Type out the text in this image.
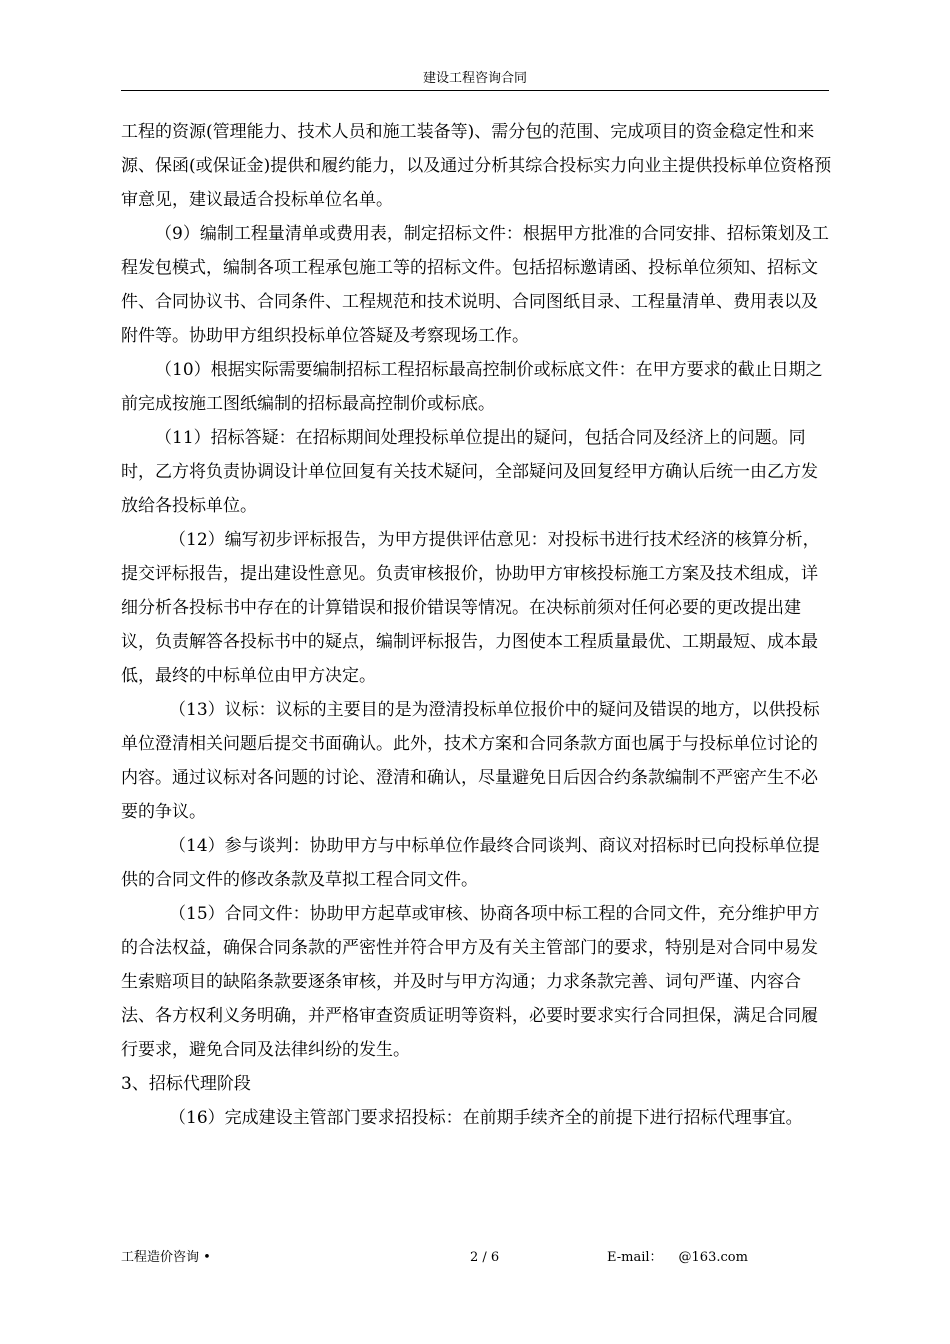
建设工程咨询合同

工程的资源(管理能力、技术人员和施工装备等)、需分包的范围、完成项目的资金稳定性和来源、保函(或保证金)提供和履约能力，以及通过分析其综合投标实力向业主提供投标单位资格预审意见，建议最适合投标单位名单。

（9）编制工程量清单或费用表，制定招标文件：根据甲方批准的合同安排、招标策划及工程发包模式，编制各项工程承包施工等的招标文件。包括招标邀请函、投标单位须知、招标文件、合同协议书、合同条件、工程规范和技术说明、合同图纸目录、工程量清单、费用表以及附件等。协助甲方组织投标单位答疑及考察现场工作。

（10）根据实际需要编制招标工程招标最高控制价或标底文件：在甲方要求的截止日期之前完成按施工图纸编制的招标最高控制价或标底。

（11）招标答疑：在招标期间处理投标单位提出的疑问，包括合同及经济上的问题。同时，乙方将负责协调设计单位回复有关技术疑问，全部疑问及回复经甲方确认后统一由乙方发放给各投标单位。

（12）编写初步评标报告，为甲方提供评估意见：对投标书进行技术经济的核算分析，提交评标报告，提出建设性意见。负责审核报价，协助甲方审核投标施工方案及技术组成，详细分析各投标书中存在的计算错误和报价错误等情况。在决标前须对任何必要的更改提出建议，负责解答各投标书中的疑点，编制评标报告，力图使本工程质量最优、工期最短、成本最低，最终的中标单位由甲方决定。

（13）议标：议标的主要目的是为澄清投标单位报价中的疑问及错误的地方，以供投标单位澄清相关问题后提交书面确认。此外，技术方案和合同条款方面也属于与投标单位讨论的内容。通过议标对各问题的讨论、澄清和确认，尽量避免日后因合约条款编制不严密产生不必要的争议。

（14）参与谈判：协助甲方与中标单位作最终合同谈判、商议对招标时已向投标单位提供的合同文件的修改条款及草拟工程合同文件。

（15）合同文件：协助甲方起草或审核、协商各项中标工程的合同文件，充分维护甲方的合法权益，确保合同条款的严密性并符合甲方及有关主管部门的要求，特别是对合同中易发生索赔项目的缺陷条款要逐条审核，并及时与甲方沟通；力求条款完善、词句严谨、内容合法、各方权利义务明确，并严格审查资质证明等资料，必要时要求实行合同担保，满足合同履行要求，避免合同及法律纠纷的发生。

3、招标代理阶段

（16）完成建设主管部门要求招投标：在前期手续齐全的前提下进行招标代理事宜。

工程造价咨询 •	2 / 6	E-mail： @163.com
